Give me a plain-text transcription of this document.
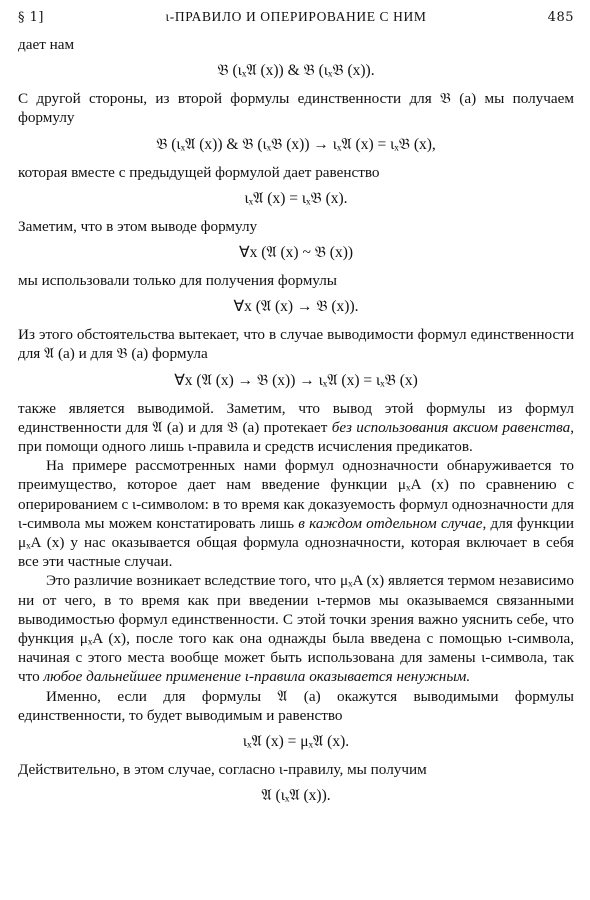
§ 1]	ι-ПРАВИЛО И ОПЕРИРОВАНИЕ С НИМ	485

дает нам

𝔅 (ιₓ𝔄 (x)) & 𝔅 (ιₓ𝔅 (x)).

С другой стороны, из второй формулы единственности для 𝔅 (a) мы получаем формулу

𝔅 (ιₓ𝔄 (x)) & 𝔅 (ιₓ𝔅 (x)) → ιₓ𝔄 (x) = ιₓ𝔅 (x),

которая вместе с предыдущей формулой дает равенство

ιₓ𝔄 (x) = ιₓ𝔅 (x).

Заметим, что в этом выводе формулу

∀x (𝔄 (x) ~ 𝔅 (x))

мы использовали только для получения формулы

∀x (𝔄 (x) → 𝔅 (x)).

Из этого обстоятельства вытекает, что в случае выводимости формул единственности для 𝔄 (a) и для 𝔅 (a) формула

∀x (𝔄 (x) → 𝔅 (x)) → ιₓ𝔄 (x) = ιₓ𝔅 (x)

также является выводимой. Заметим, что вывод этой формулы из формул единственности для 𝔄 (a) и для 𝔅 (a) протекает без использования аксиом равенства, при помощи одного лишь ι-правила и средств исчисления предикатов.

На примере рассмотренных нами формул однозначности обнаруживается то преимущество, которое дает нам введение функции μₓA (x) по сравнению с оперированием с ι-символом: в то время как доказуемость формул однозначности для ι-символа мы можем констатировать лишь в каждом отдельном случае, для функции μₓA (x) у нас оказывается общая формула однозначности, которая включает в себя все эти частные случаи.

Это различие возникает вследствие того, что μₓA (x) является термом независимо ни от чего, в то время как при введении ι-термов мы оказываемся связанными выводимостью формул единственности. С этой точки зрения важно уяснить себе, что функция μₓA (x), после того как она однажды была введена с помощью ι-символа, начиная с этого места вообще может быть использована для замены ι-символа, так что любое дальнейшее применение ι-правила оказывается ненужным.

Именно, если для формулы 𝔄 (a) окажутся выводимыми формулы единственности, то будет выводимым и равенство

ιₓ𝔄 (x) = μₓ𝔄 (x).

Действительно, в этом случае, согласно ι-правилу, мы получим

𝔄 (ιₓ𝔄 (x)).
